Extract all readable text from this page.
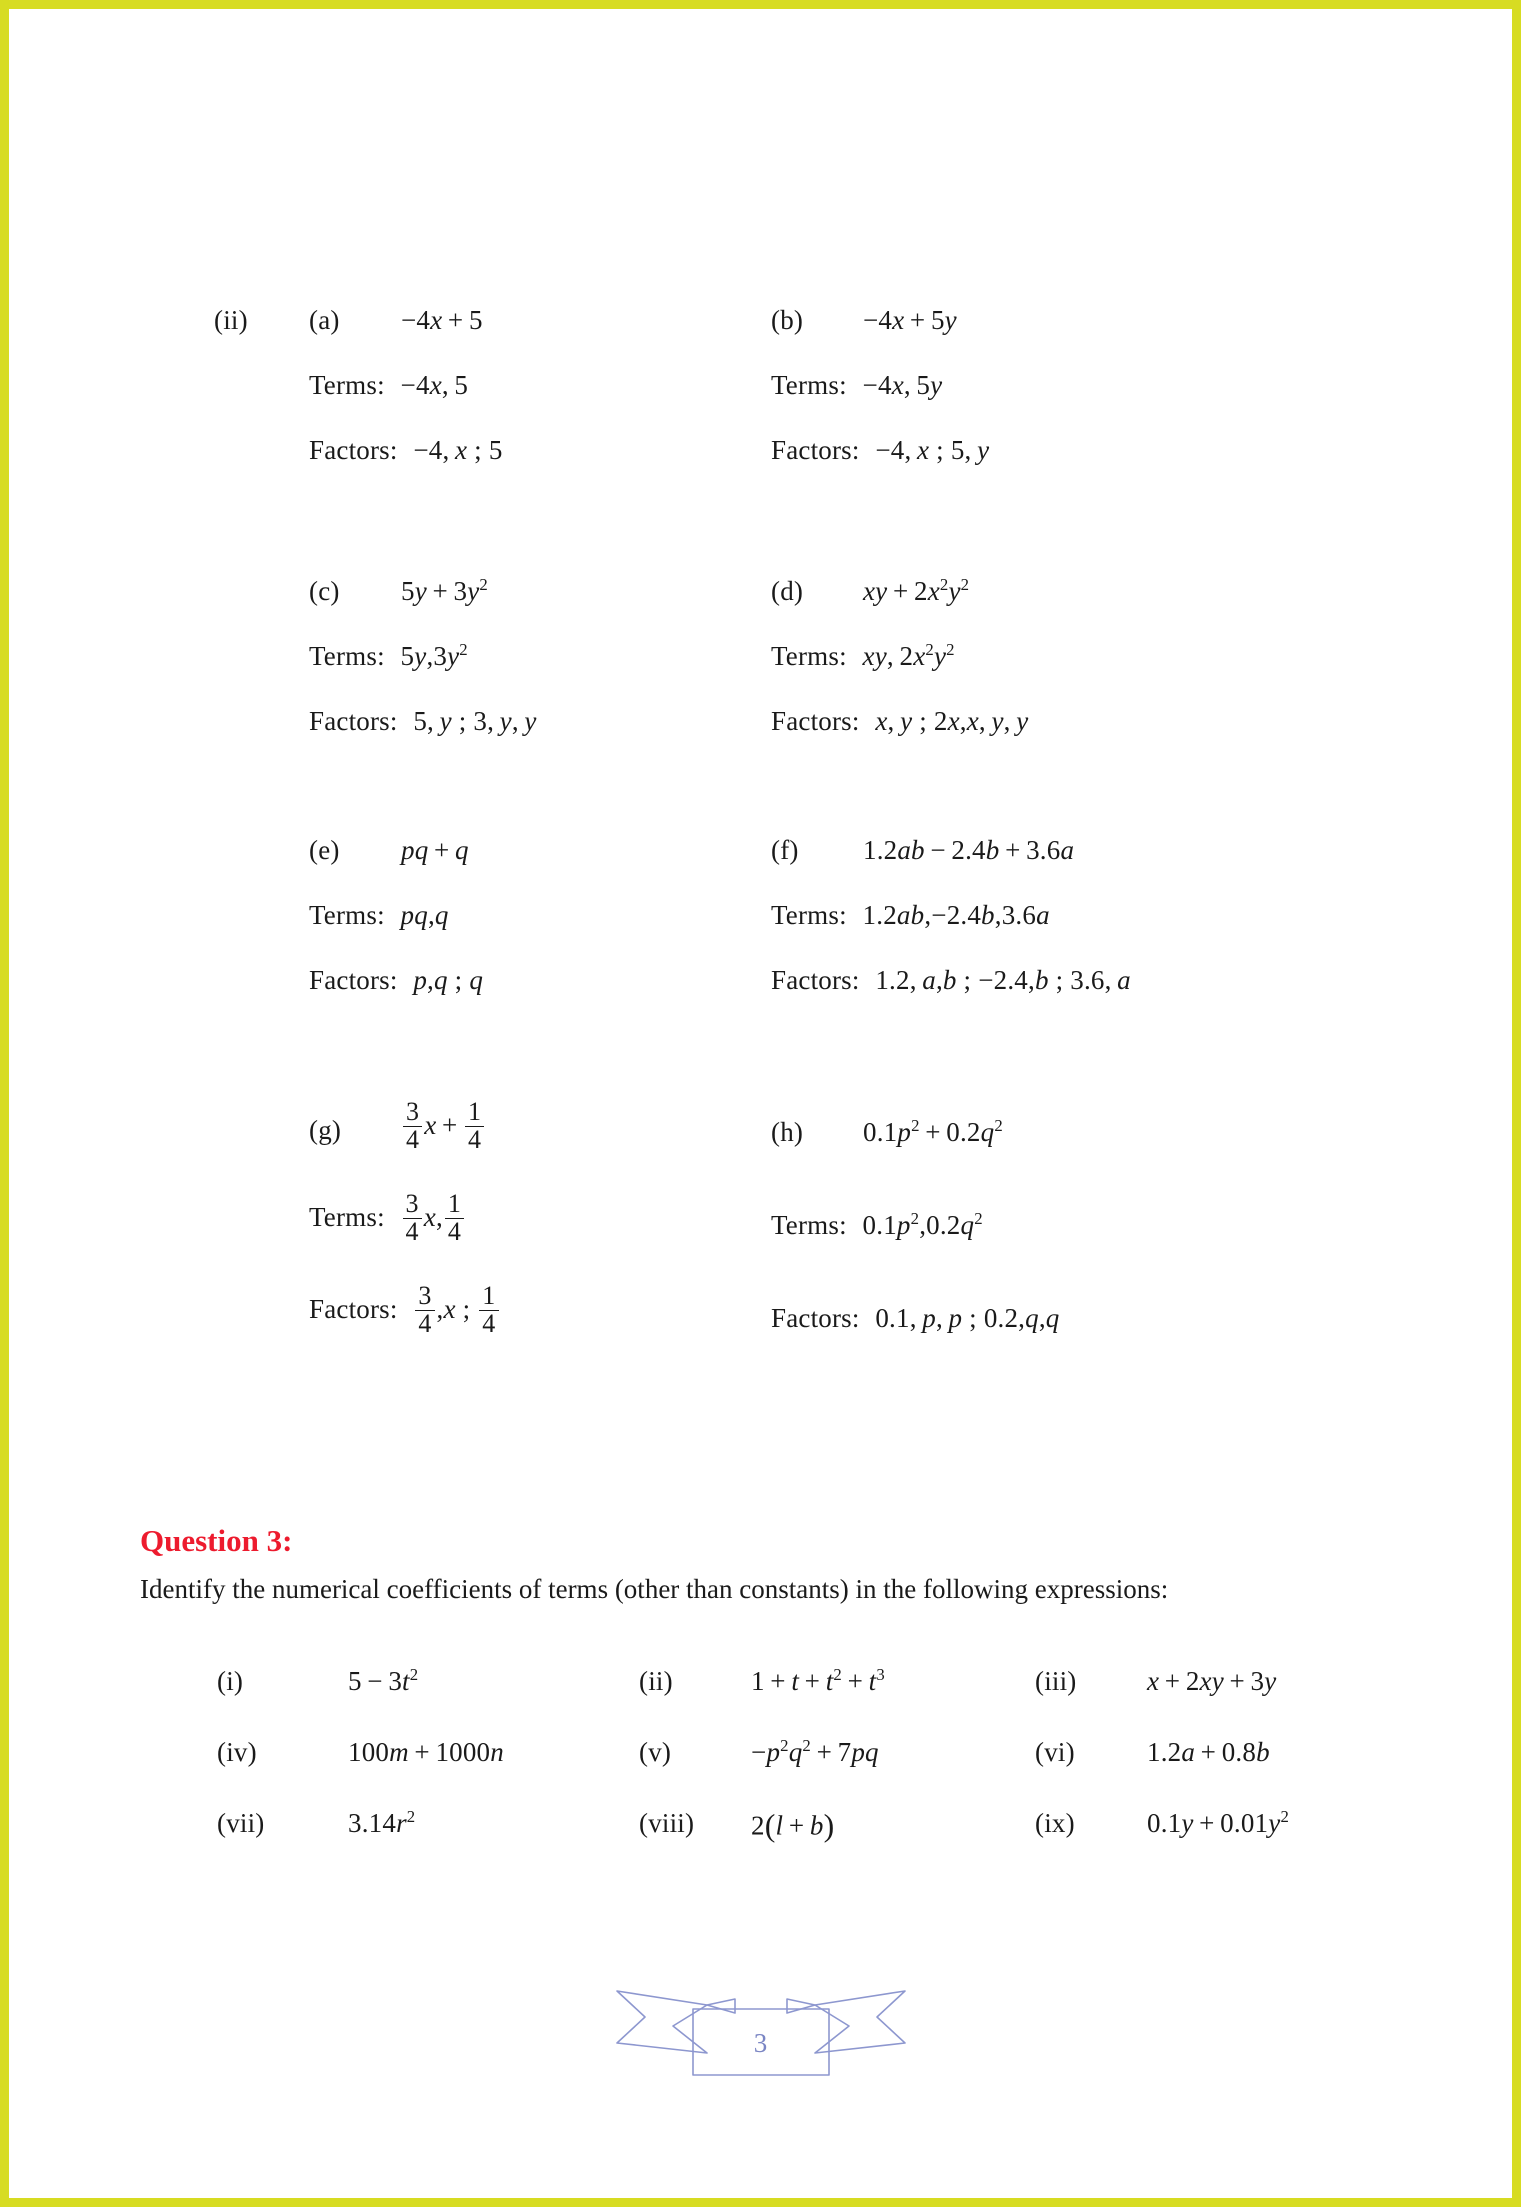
(ii) (a) −4x + 5
Terms: −4x, 5
Factors: −4, x ; 5
(b) −4x + 5y
Terms: −4x, 5y
Factors: −4, x ; 5, y
(c) $5y + 3y^2$
Terms: $5y,3y^2$
Factors: 5, y ; 3, y, y
(d) xy + $2x^2y^2$
Terms: xy, $2x^2y^2$
Factors: x, y ; 2x,x, y, y
(e) pq + q
Terms: pq,q
Factors: p,q ; q
(f) 1.2ab − 2.4b + 3.6a
Terms: 1.2ab,−2.4b,3.6a
Factors: 1.2, a,b ; −2.4,b ; 3.6, a
$(g) \frac{3}{4}$ $x + \frac{1}{4}$
Terms: $\frac{3}{4} x$, $\frac{1}{4}$
Factors: $\frac{3}{4} ,x$ ; $\frac{1}{4}$
(h) $0.1p^2 + 0.2q^2$
Terms: $0.1p^2,0.2q^2$
Factors: 0.1, p, p ; 0.2,q,q
Question 3:
Identify the numerical coefficients of terms (other than constants) in the following expressions:
(i)	$5 - 3t^2$	(ii)	$1 + t + t^2 + t^3$	(iii)	x + 2xy + 3y
(iv)	100m + 1000n	(v)	$-p^2q^2 + 7pq$	(vi)	1.2a + 0.8b
(vii)	$3.14r^2$	(viii) 2(l + b)	(ix)	$0.1y + 0.01y^2$
3
